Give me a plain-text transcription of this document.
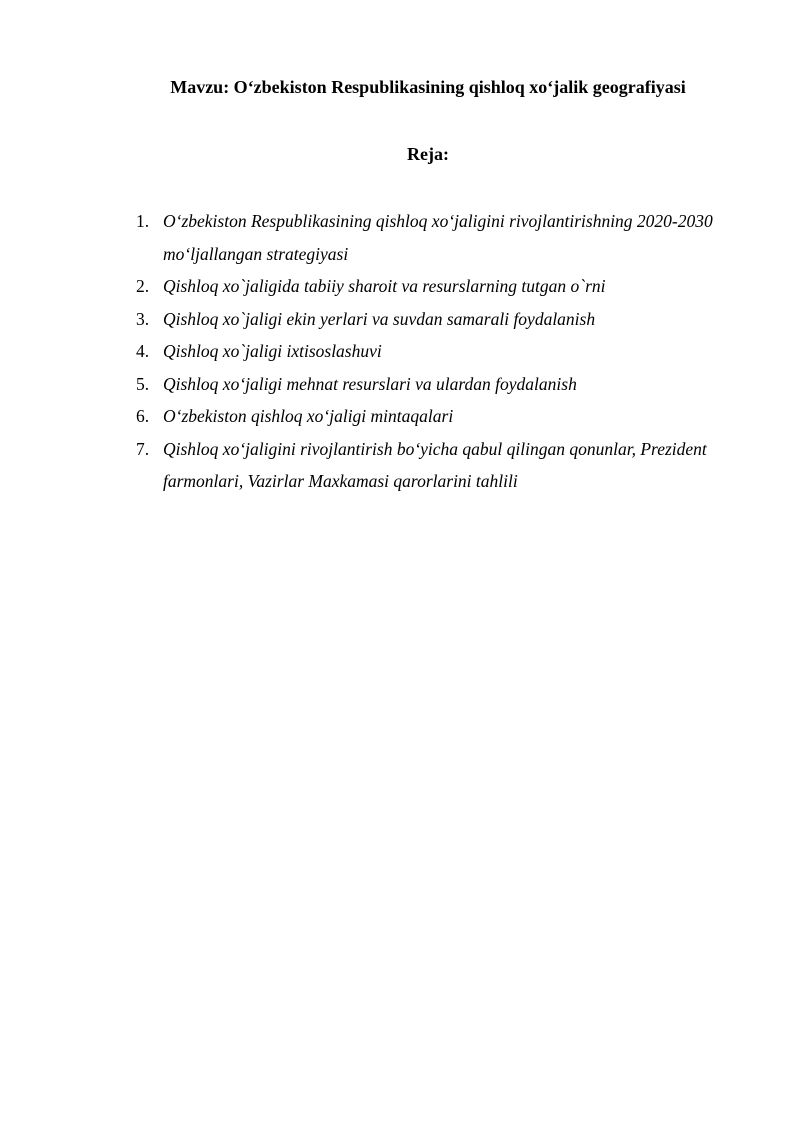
Mavzu: O‘zbekiston Respublikasining qishloq xo‘jalik geografiyasi
Reja:
1. O‘zbekiston Respublikasining qishloq xo‘jaligini rivojlantirishning 2020-2030 mo‘ljallangan strategiyasi
2. Qishloq xo`jaligida tabiiy sharoit va resurslarning tutgan o`rni
3. Qishloq xo`jaligi ekin yerlari va suvdan samarali foydalanish
4. Qishloq xo`jaligi ixtisoslashuvi
5. Qishloq xo‘jaligi mehnat resurslari va ulardan foydalanish
6. O‘zbekiston qishloq xo‘jaligi mintaqalari
7. Qishloq xo‘jaligini rivojlantirish bo‘yicha qabul qilingan qonunlar, Prezident farmonlari, Vazirlar Maxkamasi qarorlarini tahlili
